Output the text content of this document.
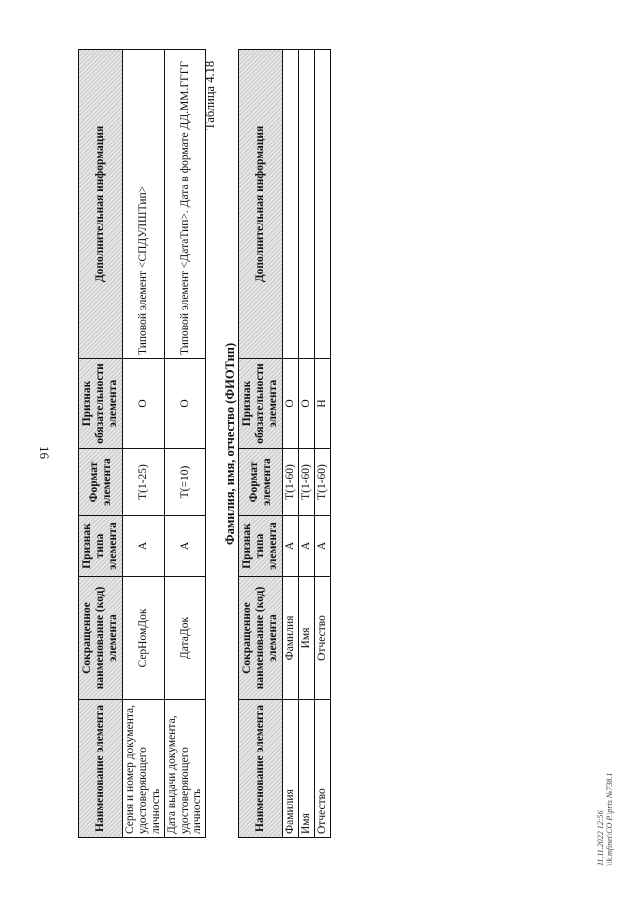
16
Наименование элемента	Сокращенное наименование (код) элемента	Признак типа элемента	Формат элемента	Признак обязательности элемента	Дополнительная информация
Серия и номер документа, удостоверяющего личность	СерНомДок	А	Т(1-25)	О	Типовой элемент <СПДУЛШТип>
Дата выдачи документа, удостоверяющего личность	ДатаДок	А	Т(=10)	О	Типовой элемент <ДатаТип>. Дата в формате ДД.ММ.ГГГГ Таблица 4.18
Фамилия, имя, отчество (ФИОТип)
Наименование элемента	Сокращенное наименование (код) элемента	Признак типа элемента	Формат элемента	Признак обязательности элемента	Дополнительная информация
Фамилия	Фамилия	А	Т(1-60)	О	
Имя	Имя	А	Т(1-60)	О	
Отчество	Отчество	А	Т(1-60)	Н	
11.11.2022 12:56 \\k.mfinet\CO P.\prts №738.1
